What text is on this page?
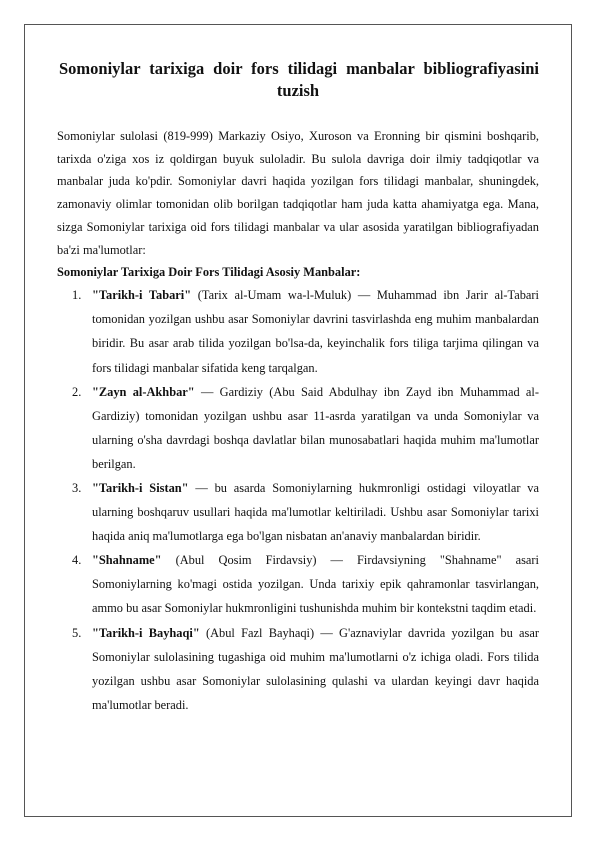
Somoniylar tarixiga doir fors tilidagi manbalar bibliografiyasini
tuzish

Somoniylar sulolasi (819-999) Markaziy Osiyo, Xuroson va Eronning bir qismini boshqarib, tarixda o'ziga xos iz qoldirgan buyuk suloladir. Bu sulola davriga doir ilmiy tadqiqotlar va manbalar juda ko'pdir. Somoniylar davri haqida yozilgan fors tilidagi manbalar, shuningdek, zamonaviy olimlar tomonidan olib borilgan tadqiqotlar ham juda katta ahamiyatga ega. Mana, sizga Somoniylar tarixiga oid fors tilidagi manbalar va ular asosida yaratilgan bibliografiyadan ba'zi ma'lumotlar:

Somoniylar Tarixiga Doir Fors Tilidagi Asosiy Manbalar:

1. "Tarikh-i Tabari" (Tarix al-Umam wa-l-Muluk) — Muhammad ibn Jarir al-Tabari tomonidan yozilgan ushbu asar Somoniylar davrini tasvirlashda eng muhim manbalardan biridir. Bu asar arab tilida yozilgan bo'lsa-da, keyinchalik fors tiliga tarjima qilingan va fors tilidagi manbalar sifatida keng tarqalgan.
2. "Zayn al-Akhbar" — Gardiziy (Abu Said Abdulhay ibn Zayd ibn Muhammad al-Gardiziy) tomonidan yozilgan ushbu asar 11-asrda yaratilgan va unda Somoniylar va ularning o'sha davrdagi boshqa davlatlar bilan munosabatlari haqida muhim ma'lumotlar berilgan.
3. "Tarikh-i Sistan" — bu asarda Somoniylarning hukmronligi ostidagi viloyatlar va ularning boshqaruv usullari haqida ma'lumotlar keltiriladi. Ushbu asar Somoniylar tarixi haqida aniq ma'lumotlarga ega bo'lgan nisbatan an'anaviy manbalardan biridir.
4. "Shahname" (Abul Qosim Firdavsiy) — Firdavsiyning "Shahname" asari Somoniylarning ko'magi ostida yozilgan. Unda tarixiy epik qahramonlar tasvirlangan, ammo bu asar Somoniylar hukmronligini tushunishda muhim bir kontekstni taqdim etadi.
5. "Tarikh-i Bayhaqi" (Abul Fazl Bayhaqi) — G'aznaviylar davrida yozilgan bu asar Somoniylar sulolasining tugashiga oid muhim ma'lumotlarni o'z ichiga oladi. Fors tilida yozilgan ushbu asar Somoniylar sulolasining qulashi va ulardan keyingi davr haqida ma'lumotlar beradi.
